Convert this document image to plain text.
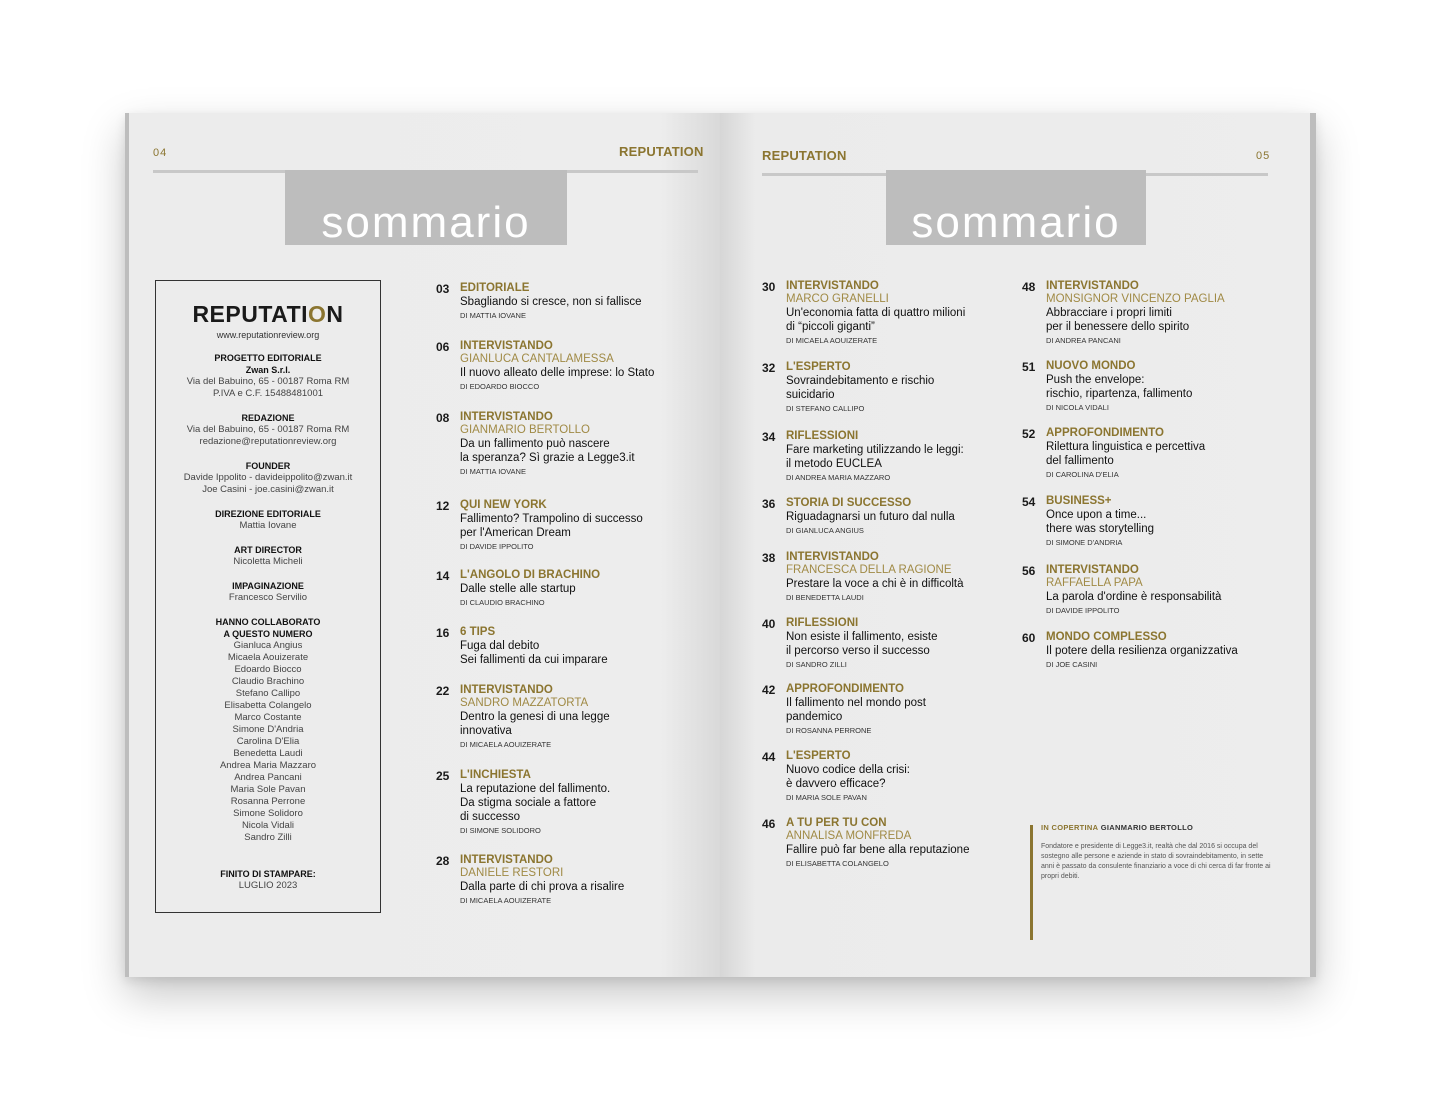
04	REPUTATION
sommario
REPUTATION
www.reputationreview.org
PROGETTO EDITORIALE
Zwan S.r.l.
Via del Babuino, 65 - 00187 Roma RM
P.IVA e C.F. 15488481001
REDAZIONE
Via del Babuino, 65 - 00187 Roma RM
redazione@reputationreview.org
FOUNDER
Davide Ippolito - davideippolito@zwan.it
Joe Casini - joe.casini@zwan.it
DIREZIONE EDITORIALE
Mattia Iovane
ART DIRECTOR
Nicoletta Micheli
IMPAGINAZIONE
Francesco Servilio
HANNO COLLABORATO
A QUESTO NUMERO
Gianluca Angius
Micaela Aouizerate
Edoardo Biocco
Claudio Brachino
Stefano Callipo
Elisabetta Colangelo
Marco Costante
Simone D'Andria
Carolina D'Elia
Benedetta Laudi
Andrea Maria Mazzaro
Andrea Pancani
Maria Sole Pavan
Rosanna Perrone
Simone Solidoro
Nicola Vidali
Sandro Zilli
FINITO DI STAMPARE:
LUGLIO 2023
03 EDITORIALE
Sbagliando si cresce, non si fallisce
DI MATTIA IOVANE
06 INTERVISTANDO
GIANLUCA CANTALAMESSA
Il nuovo alleato delle imprese: lo Stato
DI EDOARDO BIOCCO
08 INTERVISTANDO
GIANMARIO BERTOLLO
Da un fallimento può nascere
la speranza? Sì grazie a Legge3.it
DI MATTIA IOVANE
12 QUI NEW YORK
Fallimento? Trampolino di successo
per l'American Dream
DI DAVIDE IPPOLITO
14 L'ANGOLO DI BRACHINO
Dalle stelle alle startup
DI CLAUDIO BRACHINO
16 6 TIPS
Fuga dal debito
Sei fallimenti da cui imparare
22 INTERVISTANDO
SANDRO MAZZATORTA
Dentro la genesi di una legge
innovativa
DI MICAELA AOUIZERATE
25 L'INCHIESTA
La reputazione del fallimento.
Da stigma sociale a fattore
di successo
DI SIMONE SOLIDORO
28 INTERVISTANDO
DANIELE RESTORI
Dalla parte di chi prova a risalire
DI MICAELA AOUIZERATE
REPUTATION	05
sommario
30 INTERVISTANDO
MARCO GRANELLI
Un'economia fatta di quattro milioni
di “piccoli giganti”
DI MICAELA AOUIZERATE
32 L'ESPERTO
Sovraindebitamento e rischio
suicidario
DI STEFANO CALLIPO
34 RIFLESSIONI
Fare marketing utilizzando le leggi:
il metodo EUCLEA
DI ANDREA MARIA MAZZARO
36 STORIA DI SUCCESSO
Riguadagnarsi un futuro dal nulla
DI GIANLUCA ANGIUS
38 INTERVISTANDO
FRANCESCA DELLA RAGIONE
Prestare la voce a chi è in difficoltà
DI BENEDETTA LAUDI
40 RIFLESSIONI
Non esiste il fallimento, esiste
il percorso verso il successo
DI SANDRO ZILLI
42 APPROFONDIMENTO
Il fallimento nel mondo post
pandemico
DI ROSANNA PERRONE
44 L'ESPERTO
Nuovo codice della crisi:
è davvero efficace?
DI MARIA SOLE PAVAN
46 A TU PER TU CON
ANNALISA MONFREDA
Fallire può far bene alla reputazione
DI ELISABETTA COLANGELO
48 INTERVISTANDO
MONSIGNOR VINCENZO PAGLIA
Abbracciare i propri limiti
per il benessere dello spirito
DI ANDREA PANCANI
51 NUOVO MONDO
Push the envelope:
rischio, ripartenza, fallimento
DI NICOLA VIDALI
52 APPROFONDIMENTO
Rilettura linguistica e percettiva
del fallimento
DI CAROLINA D'ELIA
54 BUSINESS+
Once upon a time...
there was storytelling
DI SIMONE D'ANDRIA
56 INTERVISTANDO
RAFFAELLA PAPA
La parola d'ordine è responsabilità
DI DAVIDE IPPOLITO
60 MONDO COMPLESSO
Il potere della resilienza organizzativa
DI JOE CASINI
IN COPERTINA GIANMARIO BERTOLLO
Fondatore e presidente di Legge3.it, realtà che dal 2016 si occupa del sostegno alle persone e aziende in stato di sovraindebitamento, in sette anni è passato da consulente finanziario a voce di chi cerca di far fronte ai propri debiti.
